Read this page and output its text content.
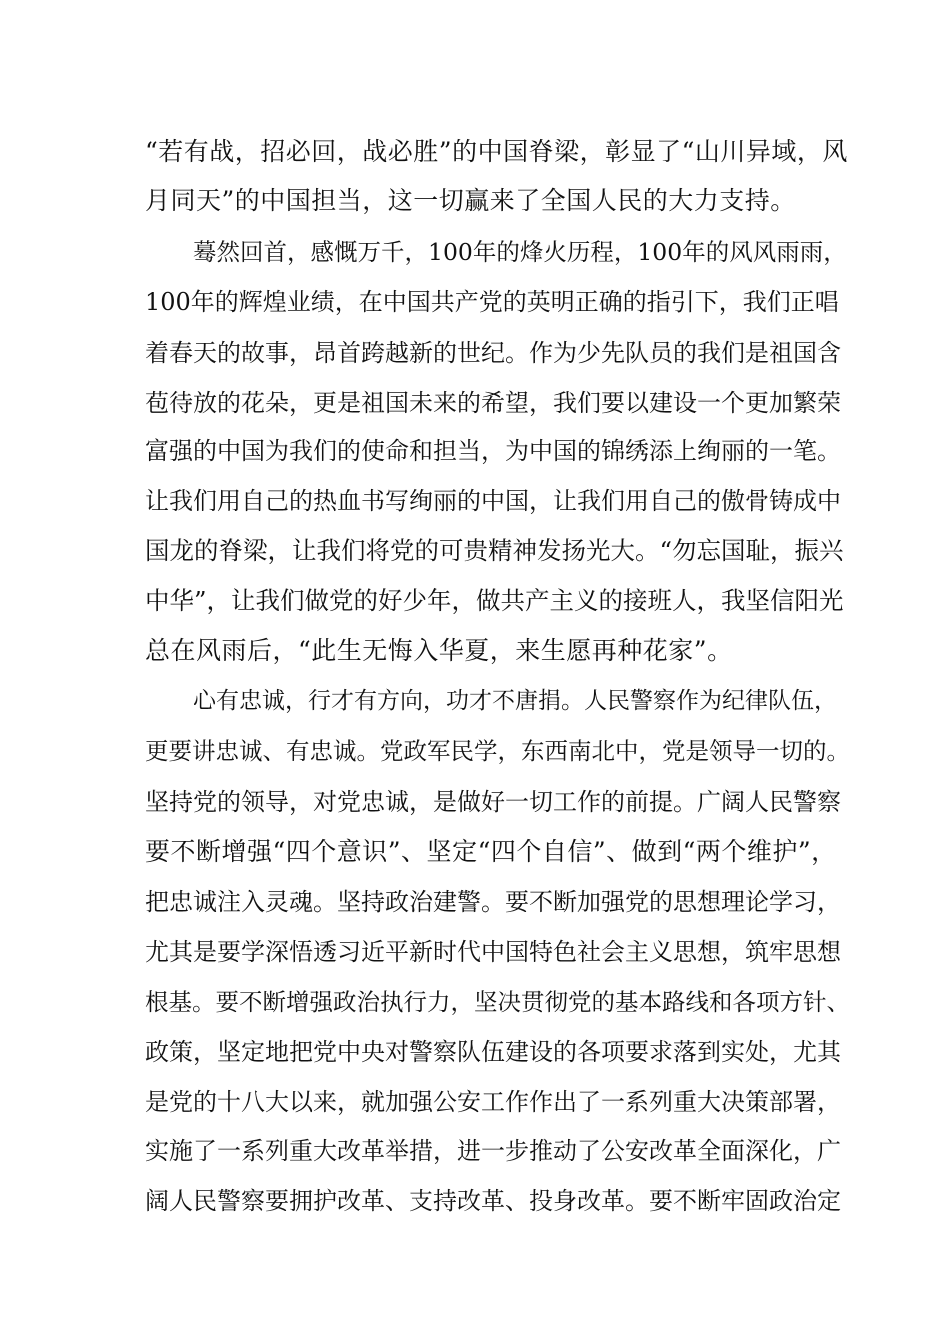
“若有战，招必回，战必胜”的中国脊梁，彰显了“山川异域，风
月同天”的中国担当，这一切赢来了全国人民的大力支持。
蓦然回首，感慨万千，100年的烽火历程，100年的风风雨雨，
100年的辉煌业绩，在中国共产党的英明正确的指引下，我们正唱
着春天的故事，昂首跨越新的世纪。作为少先队员的我们是祖国含
苞待放的花朵，更是祖国未来的希望，我们要以建设一个更加繁荣
富强的中国为我们的使命和担当，为中国的锦绣添上绚丽的一笔。
让我们用自己的热血书写绚丽的中国，让我们用自己的傲骨铸成中
国龙的脊梁，让我们将党的可贵精神发扬光大。“勿忘国耻，振兴
中华”，让我们做党的好少年，做共产主义的接班人，我坚信阳光
总在风雨后，“此生无悔入华夏，来生愿再种花家”。
心有忠诚，行才有方向，功才不唐捐。人民警察作为纪律队伍，
更要讲忠诚、有忠诚。党政军民学，东西南北中，党是领导一切的。
坚持党的领导，对党忠诚，是做好一切工作的前提。广阔人民警察
要不断增强“四个意识”、坚定“四个自信”、做到“两个维护”，
把忠诚注入灵魂。坚持政治建警。要不断加强党的思想理论学习，
尤其是要学深悟透习近平新时代中国特色社会主义思想，筑牢思想
根基。要不断增强政治执行力，坚决贯彻党的基本路线和各项方针、
政策，坚定地把党中央对警察队伍建设的各项要求落到实处，尤其
是党的十八大以来，就加强公安工作作出了一系列重大决策部署，
实施了一系列重大改革举措，进一步推动了公安改革全面深化，广
阔人民警察要拥护改革、支持改革、投身改革。要不断牢固政治定
